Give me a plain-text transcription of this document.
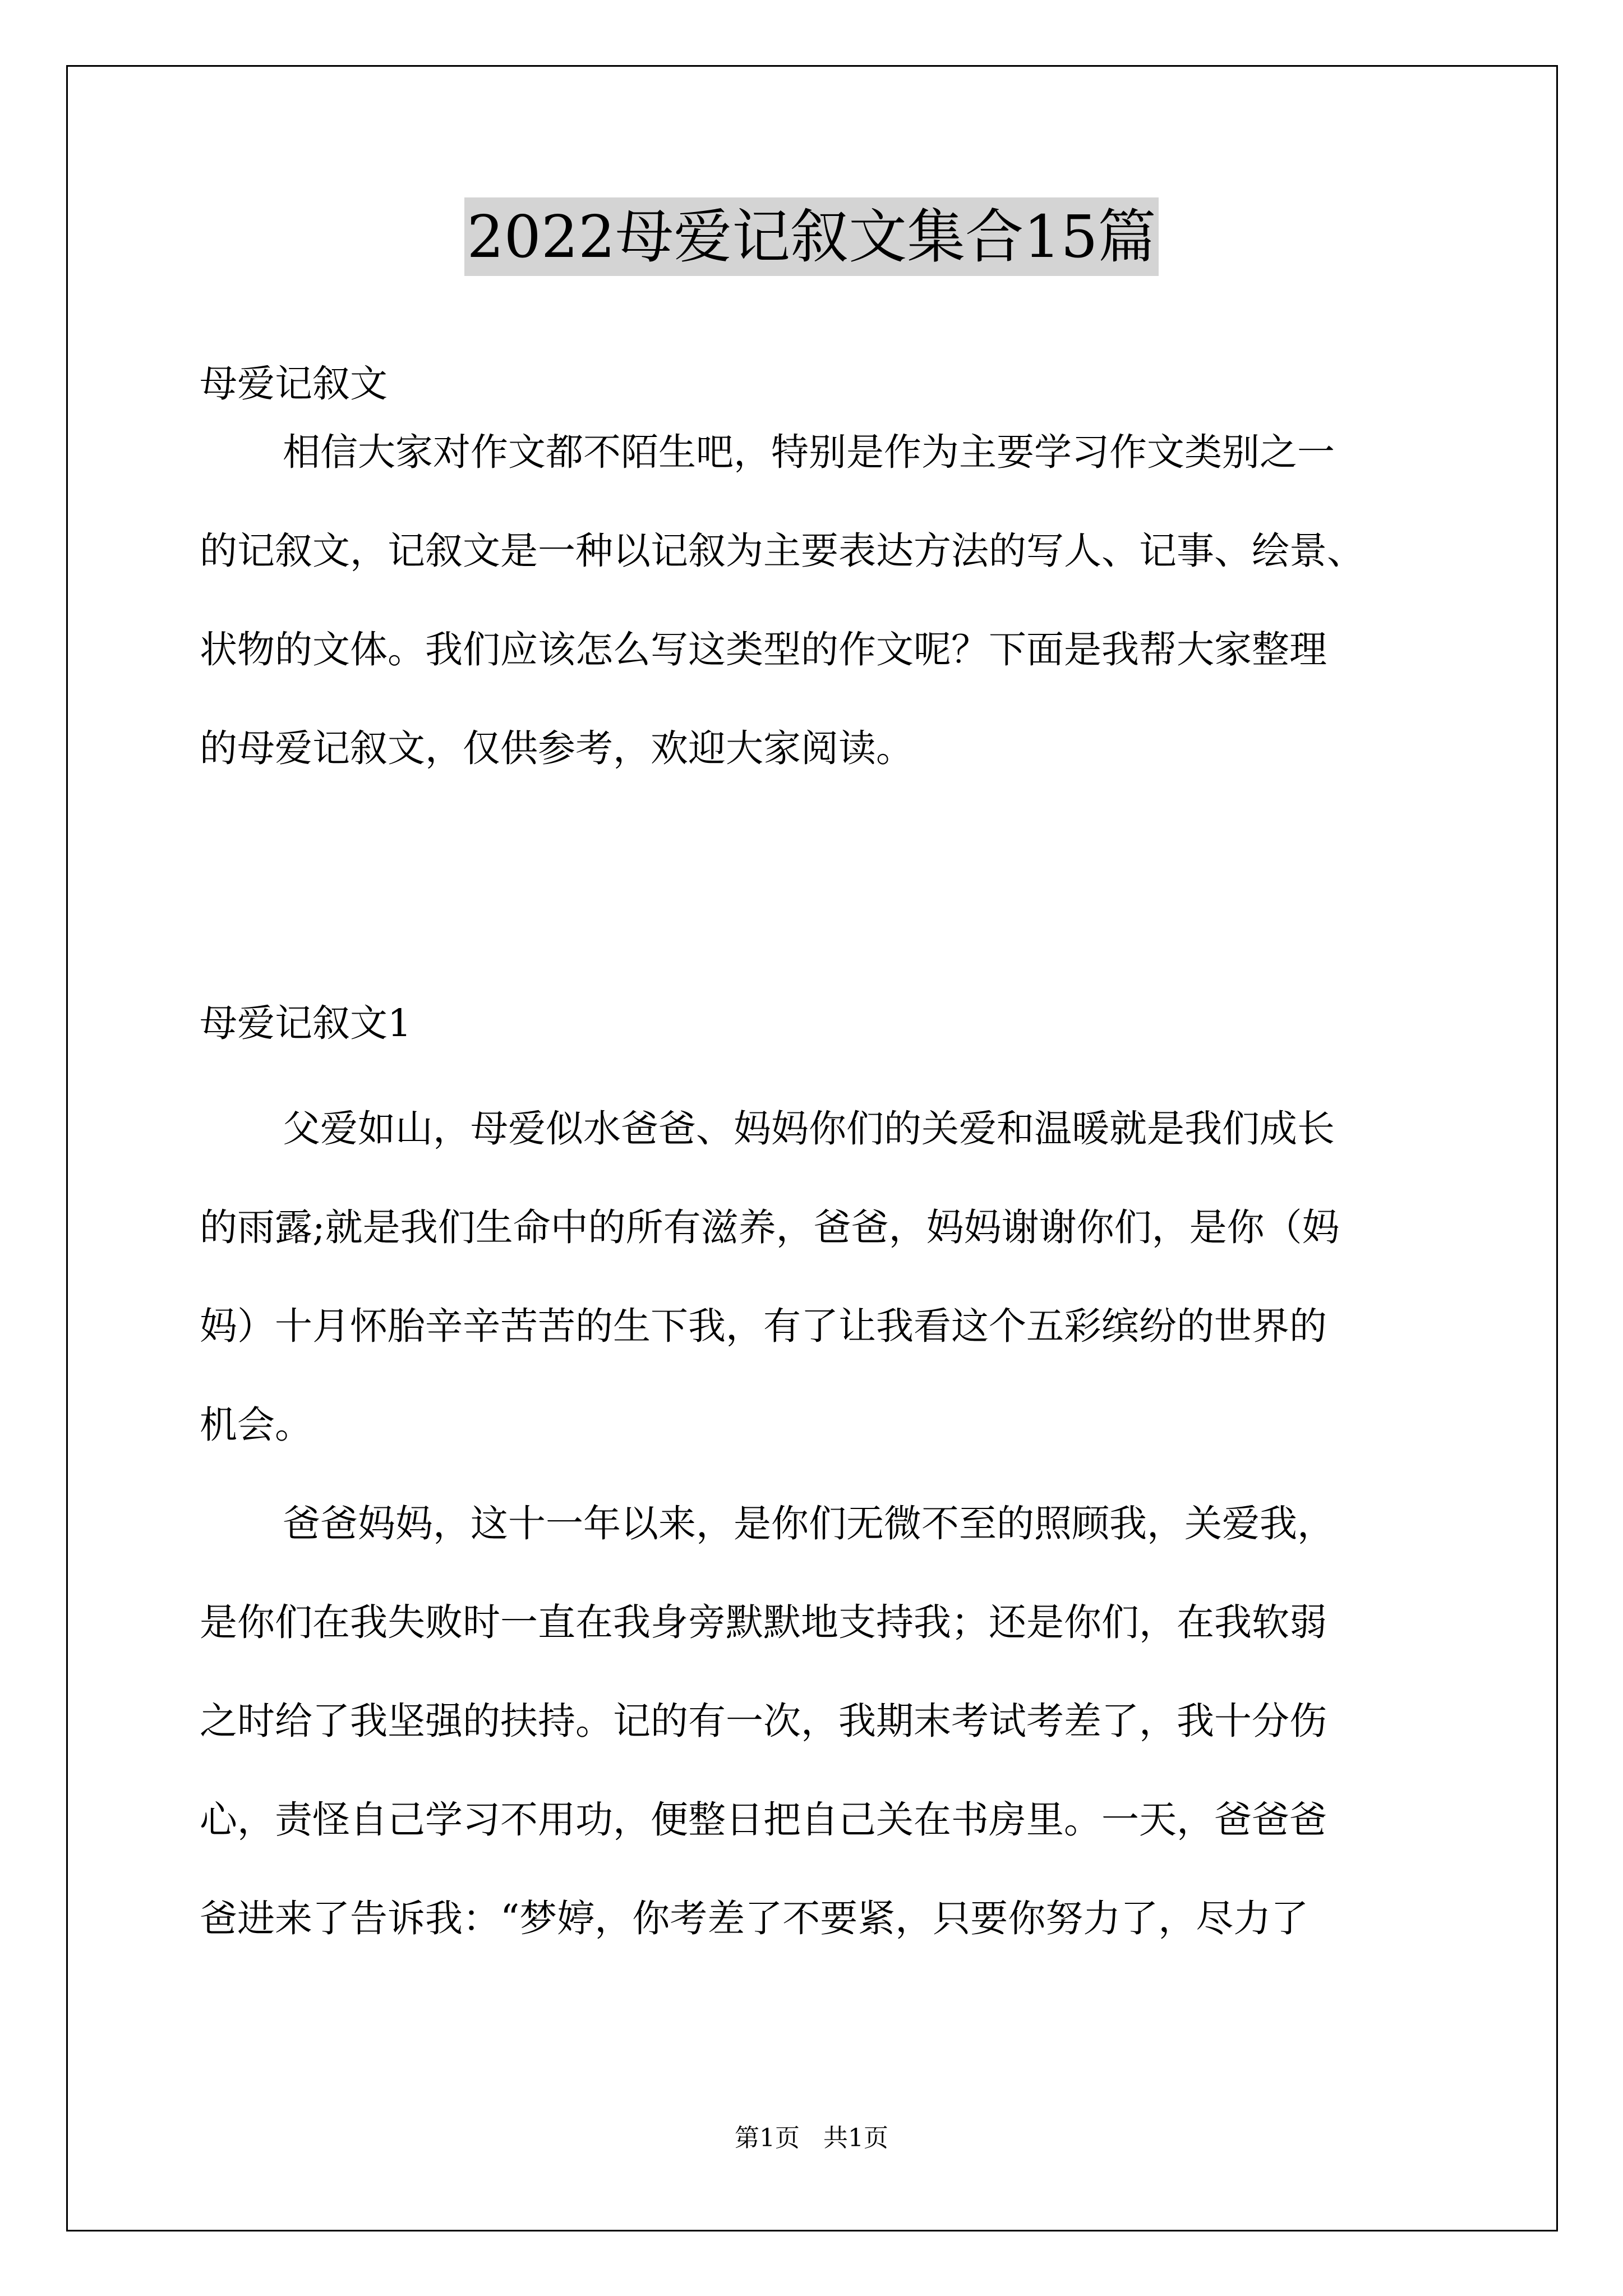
2022母爱记叙文集合15篇
母爱记叙文
相信大家对作文都不陌生吧，特别是作为主要学习作文类别之一
的记叙文，记叙文是一种以记叙为主要表达方法的写人、记事、绘景、
状物的文体。我们应该怎么写这类型的作文呢？下面是我帮大家整理
的母爱记叙文，仅供参考，欢迎大家阅读。
母爱记叙文1
父爱如山，母爱似水爸爸、妈妈你们的关爱和温暖就是我们成长
的雨露;就是我们生命中的所有滋养，爸爸，妈妈谢谢你们，是你（妈
妈）十月怀胎辛辛苦苦的生下我，有了让我看这个五彩缤纷的世界的
机会。
爸爸妈妈，这十一年以来，是你们无微不至的照顾我，关爱我，
是你们在我失败时一直在我身旁默默地支持我；还是你们，在我软弱
之时给了我坚强的扶持。记的有一次，我期末考试考差了，我十分伤
心，责怪自己学习不用功，便整日把自己关在书房里。一天，爸爸爸
爸进来了告诉我：“梦婷，你考差了不要紧，只要你努力了，尽力了
第1页 共1页
